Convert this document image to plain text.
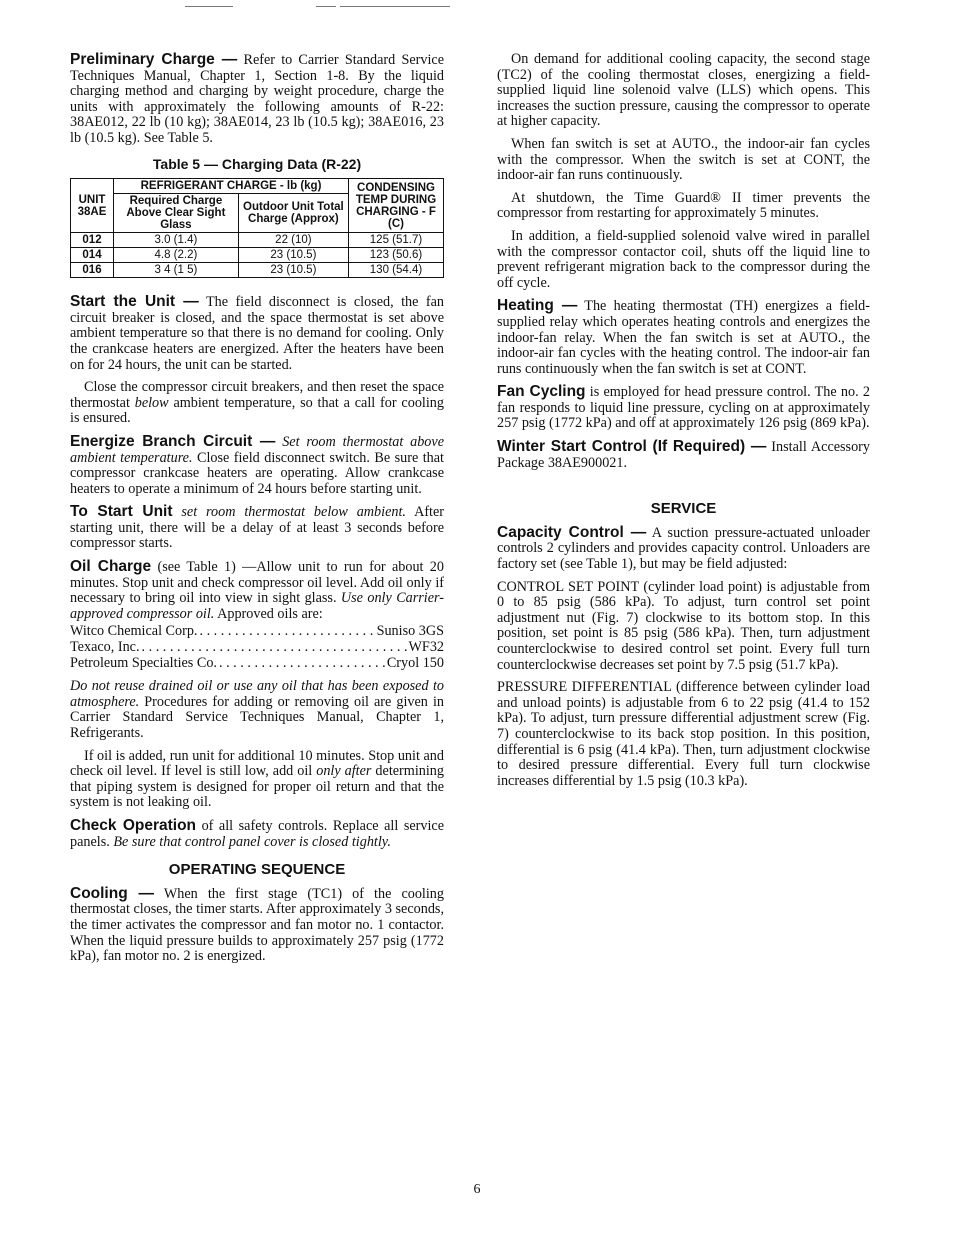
Preliminary Charge — Refer to Carrier Standard Service Techniques Manual, Chapter 1, Section 1-8. By the liquid charging method and charging by weight procedure, charge the units with approximately the following amounts of R-22: 38AE012, 22 lb (10 kg); 38AE014, 23 lb (10.5 kg); 38AE016, 23 lb (10.5 kg). See Table 5.

Table 5 — Charging Data (R-22)
UNIT 38AE	REFRIGERANT CHARGE - lb (kg)		CONDENSING TEMP DURING CHARGING - F (C)
	Required Charge Above Clear Sight Glass	Outdoor Unit Total Charge (Approx)	
012	3.0 (1.4)	22 (10)	125 (51.7)
014	4.8 (2.2)	23 (10.5)	123 (50.6)
016	3 4 (1 5)	23 (10.5)	130 (54.4)

Start the Unit — The field disconnect is closed, the fan circuit breaker is closed, and the space thermostat is set above ambient temperature so that there is no demand for cooling. Only the crankcase heaters are energized. After the heaters have been on for 24 hours, the unit can be started.

Close the compressor circuit breakers, and then reset the space thermostat below ambient temperature, so that a call for cooling is ensured.

Energize Branch Circuit — Set room thermostat above ambient temperature. Close field disconnect switch. Be sure that compressor crankcase heaters are operating. Allow crankcase heaters to operate a minimum of 24 hours before starting unit.

To Start Unit set room thermostat below ambient. After starting unit, there will be a delay of at least 3 seconds before compressor starts.

Oil Charge (see Table 1) —Allow unit to run for about 20 minutes. Stop unit and check compressor oil level. Add oil only if necessary to bring oil into view in sight glass. Use only Carrier-approved compressor oil. Approved oils are:

Witco Chemical Corp. . . .	Suniso 3GS
Texaco, Inc. . . .	WF32
Petroleum Specialties Co. . . .	Cryol 150

Do not reuse drained oil or use any oil that has been exposed to atmosphere. Procedures for adding or removing oil are given in Carrier Standard Service Techniques Manual, Chapter 1, Refrigerants.

If oil is added, run unit for additional 10 minutes. Stop unit and check oil level. If level is still low, add oil only after determining that piping system is designed for proper oil return and that the system is not leaking oil.

Check Operation of all safety controls. Replace all service panels. Be sure that control panel cover is closed tightly.

OPERATING SEQUENCE

Cooling — When the first stage (TC1) of the cooling thermostat closes, the timer starts. After approximately 3 seconds, the timer activates the compressor and fan motor no. 1 contactor. When the liquid pressure builds to approximately 257 psig (1772 kPa), fan motor no. 2 is energized.

On demand for additional cooling capacity, the second stage (TC2) of the cooling thermostat closes, energizing a field-supplied liquid line solenoid valve (LLS) which opens. This increases the suction pressure, causing the compressor to operate at higher capacity.

When fan switch is set at AUTO., the indoor-air fan cycles with the compressor. When the switch is set at CONT, the indoor-air fan runs continuously.

At shutdown, the Time Guard® II timer prevents the compressor from restarting for approximately 5 minutes.

In addition, a field-supplied solenoid valve wired in parallel with the compressor contactor coil, shuts off the liquid line to prevent refrigerant migration back to the compressor during the off cycle.

Heating — The heating thermostat (TH) energizes a field-supplied relay which operates heating controls and energizes the indoor-fan relay. When the fan switch is set at AUTO., the indoor-air fan cycles with the heating control. The indoor-air fan runs continuously when the fan switch is set at CONT.

Fan Cycling is employed for head pressure control. The no. 2 fan responds to liquid line pressure, cycling on at approximately 257 psig (1772 kPa) and off at approximately 126 psig (869 kPa).

Winter Start Control (If Required) — Install Accessory Package 38AE900021.

SERVICE

Capacity Control — A suction pressure-actuated unloader controls 2 cylinders and provides capacity control. Unloaders are factory set (see Table 1), but may be field adjusted:

CONTROL SET POINT (cylinder load point) is adjustable from 0 to 85 psig (586 kPa). To adjust, turn control set point adjustment nut (Fig. 7) clockwise to its bottom stop. In this position, set point is 85 psig (586 kPa). Then, turn adjustment counterclockwise to desired control set point. Every full turn counterclockwise decreases set point by 7.5 psig (51.7 kPa).

PRESSURE DIFFERENTIAL (difference between cylinder load and unload points) is adjustable from 6 to 22 psig (41.4 to 152 kPa). To adjust, turn pressure differential adjustment screw (Fig. 7) counterclockwise to its back stop position. In this position, differential is 6 psig (41.4 kPa). Then, turn adjustment clockwise to desired pressure differential. Every full turn clockwise increases differential by 1.5 psig (10.3 kPa).

6
